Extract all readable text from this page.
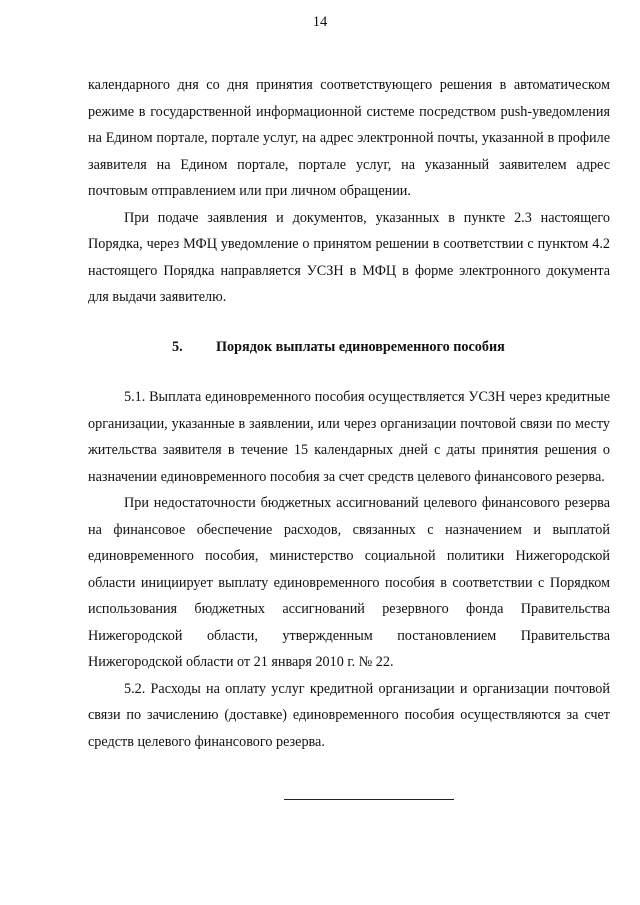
14

календарного дня со дня принятия соответствующего решения в автоматическом режиме в государственной информационной системе посредством push-уведомления на Едином портале, портале услуг, на адрес электронной почты, указанной в профиле заявителя на Едином портале, портале услуг, на указанный заявителем адрес почтовым отправлением или при личном обращении.

При подаче заявления и документов, указанных в пункте 2.3 настоящего Порядка, через МФЦ уведомление о принятом решении в соответствии с пунктом 4.2 настоящего Порядка направляется УСЗН в МФЦ в форме электронного документа для выдачи заявителю.

5. Порядок выплаты единовременного пособия

5.1. Выплата единовременного пособия осуществляется УСЗН через кредитные организации, указанные в заявлении, или через организации почтовой связи по месту жительства заявителя в течение 15 календарных дней с даты принятия решения о назначении единовременного пособия за счет средств целевого финансового резерва.

При недостаточности бюджетных ассигнований целевого финансового резерва на финансовое обеспечение расходов, связанных с назначением и выплатой единовременного пособия, министерство социальной политики Нижегородской области инициирует выплату единовременного пособия в соответствии с Порядком использования бюджетных ассигнований резервного фонда Правительства Нижегородской области, утвержденным постановлением Правительства Нижегородской области от 21 января 2010 г. № 22.

5.2. Расходы на оплату услуг кредитной организации и организации почтовой связи по зачислению (доставке) единовременного пособия осуществляются за счет средств целевого финансового резерва.
